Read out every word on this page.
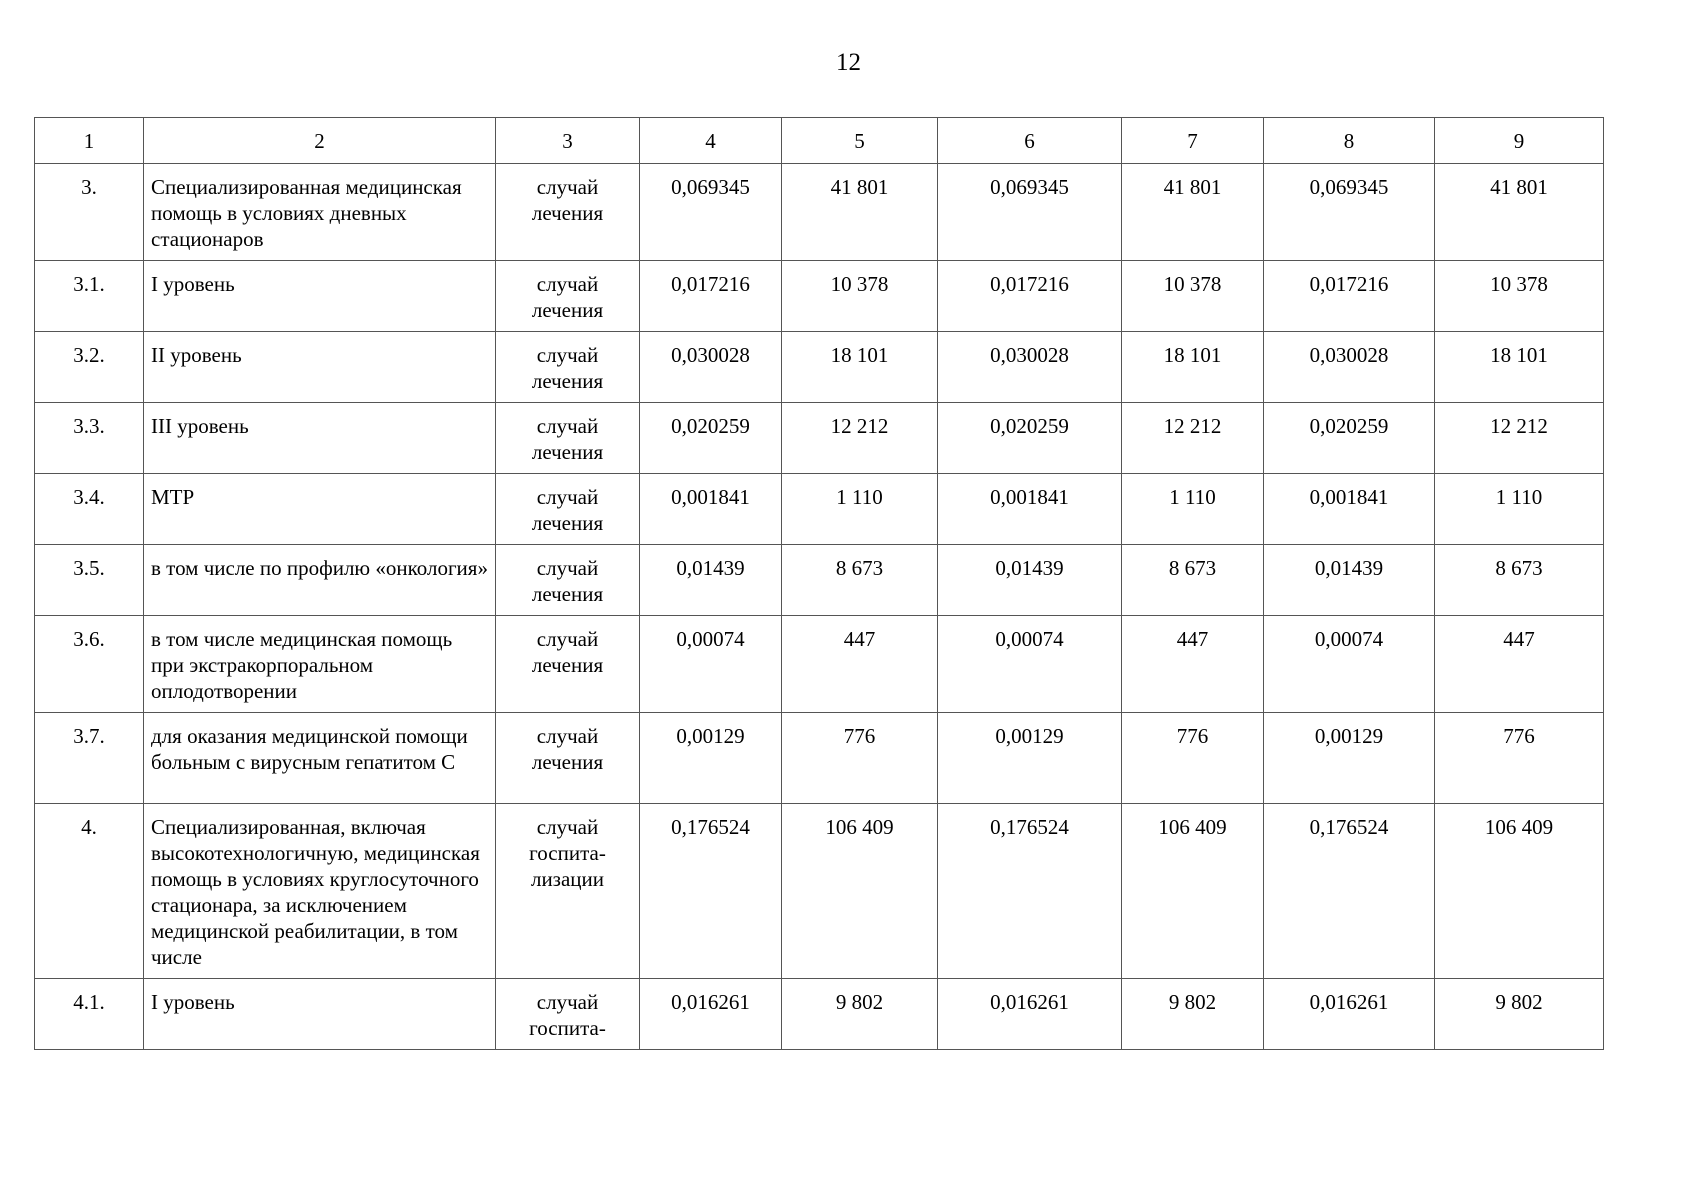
12
1	2	3	4	5	6	7	8	9
3.	Специализированная медицинская помощь в условиях дневных стационаров	случай лечения	0,069345	41 801	0,069345	41 801	0,069345	41 801
3.1.	I уровень	случай лечения	0,017216	10 378	0,017216	10 378	0,017216	10 378
3.2.	II уровень	случай лечения	0,030028	18 101	0,030028	18 101	0,030028	18 101
3.3.	III уровень	случай лечения	0,020259	12 212	0,020259	12 212	0,020259	12 212
3.4.	МТР	случай лечения	0,001841	1 110	0,001841	1 110	0,001841	1 110
3.5.	в том числе по профилю «онкология»	случай лечения	0,01439	8 673	0,01439	8 673	0,01439	8 673
3.6.	в том числе медицинская помощь при экстракорпоральном оплодотворении	случай лечения	0,00074	447	0,00074	447	0,00074	447
3.7.	для оказания медицинской помощи больным с вирусным гепатитом С	случай лечения	0,00129	776	0,00129	776	0,00129	776
4.	Специализированная, включая высокотехнологичную, медицинская помощь в условиях круглосуточного стационара, за исключением медицинской реабилитации, в том числе	случай госпита-лизации	0,176524	106 409	0,176524	106 409	0,176524	106 409
4.1.	I уровень	случай госпита-	0,016261	9 802	0,016261	9 802	0,016261	9 802
